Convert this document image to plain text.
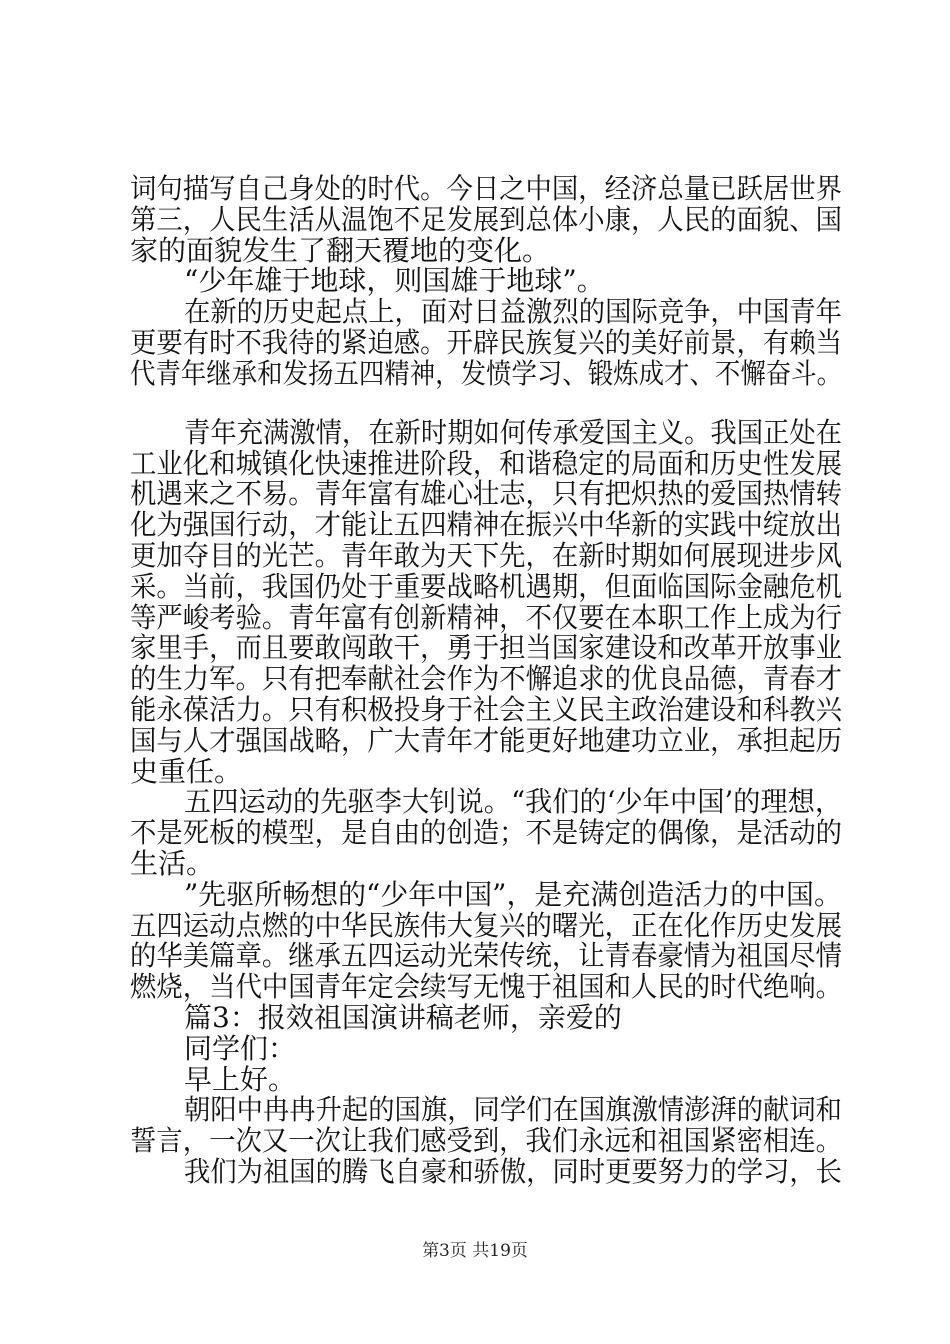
词句描写自己身处的时代。今日之中国，经济总量已跃居世界
第三，人民生活从温饱不足发展到总体小康，人民的面貌、国
家的面貌发生了翻天覆地的变化。
“少年雄于地球，则国雄于地球”。
在新的历史起点上，面对日益激烈的国际竞争，中国青年
更要有时不我待的紧迫感。开辟民族复兴的美好前景，有赖当
代青年继承和发扬五四精神，发愤学习、锻炼成才、不懈奋斗。
青年充满激情，在新时期如何传承爱国主义。我国正处在
工业化和城镇化快速推进阶段，和谐稳定的局面和历史性发展
机遇来之不易。青年富有雄心壮志，只有把炽热的爱国热情转
化为强国行动，才能让五四精神在振兴中华新的实践中绽放出
更加夺目的光芒。青年敢为天下先，在新时期如何展现进步风
采。当前，我国仍处于重要战略机遇期，但面临国际金融危机
等严峻考验。青年富有创新精神，不仅要在本职工作上成为行
家里手，而且要敢闯敢干，勇于担当国家建设和改革开放事业
的生力军。只有把奉献社会作为不懈追求的优良品德，青春才
能永葆活力。只有积极投身于社会主义民主政治建设和科教兴
国与人才强国战略，广大青年才能更好地建功立业，承担起历
史重任。
五四运动的先驱李大钊说。“我们的‘少年中国’的理想，
不是死板的模型，是自由的创造；不是铸定的偶像，是活动的
生活。
”先驱所畅想的“少年中国”，是充满创造活力的中国。
五四运动点燃的中华民族伟大复兴的曙光，正在化作历史发展
的华美篇章。继承五四运动光荣传统，让青春豪情为祖国尽情
燃烧，当代中国青年定会续写无愧于祖国和人民的时代绝响。
篇3：报效祖国演讲稿老师，亲爱的
同学们：
早上好。
朝阳中冉冉升起的国旗，同学们在国旗激情澎湃的献词和
誓言，一次又一次让我们感受到，我们永远和祖国紧密相连。
我们为祖国的腾飞自豪和骄傲，同时更要努力的学习，长
第3页 共19页
